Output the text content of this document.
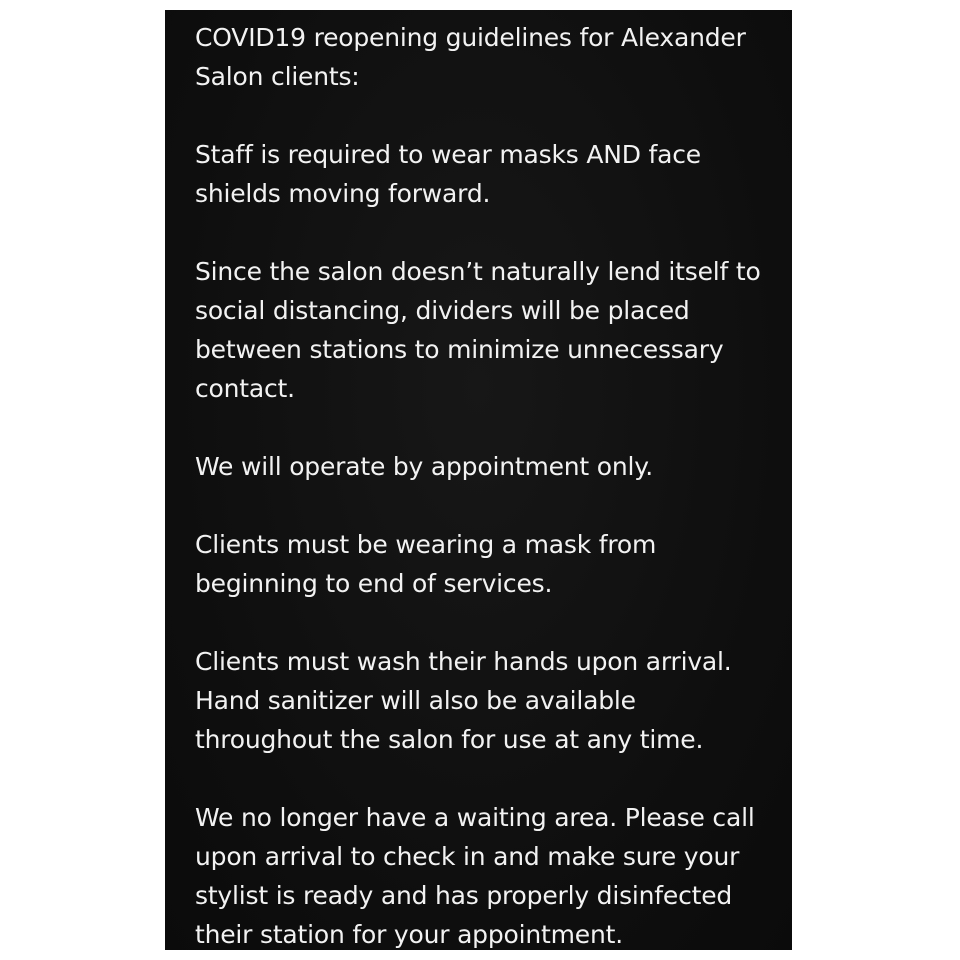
COVID19 reopening guidelines for Alexander
Salon clients:

Staff is required to wear masks AND face
shields moving forward.

Since the salon doesn’t naturally lend itself to
social distancing, dividers will be placed
between stations to minimize unnecessary
contact.

We will operate by appointment only.

Clients must be wearing a mask from
beginning to end of services.

Clients must wash their hands upon arrival.
Hand sanitizer will also be available
throughout the salon for use at any time.

We no longer have a waiting area. Please call
upon arrival to check in and make sure your
stylist is ready and has properly disinfected
their station for your appointment.
